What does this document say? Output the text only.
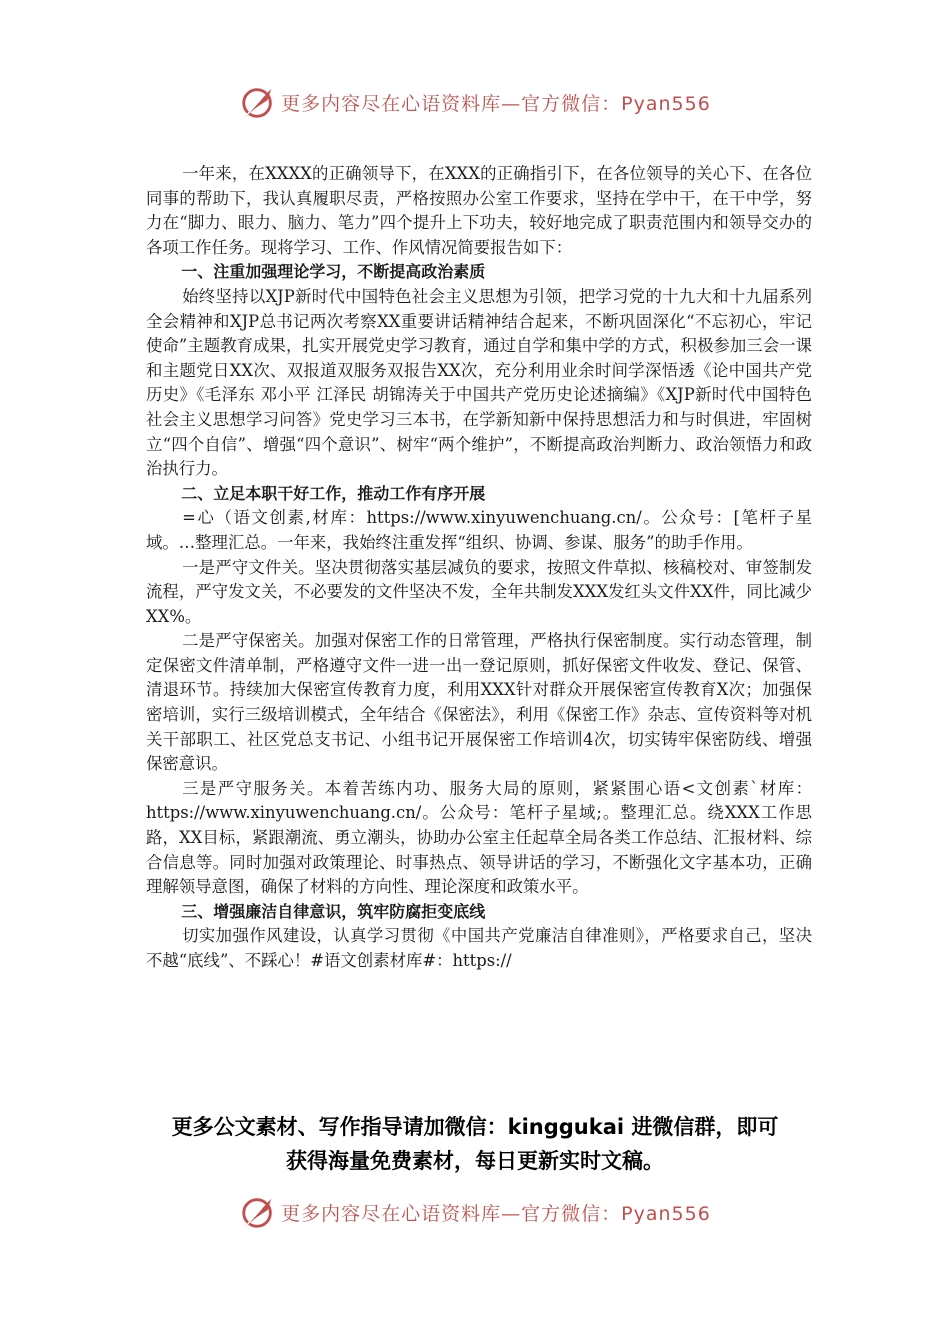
更多内容尽在心语资料库—官方微信：Pyan556

一年来，在XXXX的正确领导下，在XXX的正确指引下，在各位领导的关心下、在各位同事的帮助下，我认真履职尽责，严格按照办公室工作要求，坚持在学中干，在干中学，努力在“脚力、眼力、脑力、笔力”四个提升上下功夫，较好地完成了职责范围内和领导交办的各项工作任务。现将学习、工作、作风情况简要报告如下：

一、注重加强理论学习，不断提高政治素质

始终坚持以XJP新时代中国特色社会主义思想为引领，把学习党的十九大和十九届系列全会精神和XJP总书记两次考察XX重要讲话精神结合起来，不断巩固深化“不忘初心，牢记使命”主题教育成果，扎实开展党史学习教育，通过自学和集中学的方式，积极参加三会一课和主题党日XX次、双报道双服务双报告XX次，充分利用业余时间学深悟透《论中国共产党历史》《毛泽东 邓小平 江泽民 胡锦涛关于中国共产党历史论述摘编》《XJP新时代中国特色社会主义思想学习问答》党史学习三本书，在学新知新中保持思想活力和与时俱进，牢固树立“四个自信”、增强“四个意识”、树牢“两个维护”，不断提高政治判断力、政治领悟力和政治执行力。

二、立足本职干好工作，推动工作有序开展

=心（语文创素,材库：https://www.xinyuwenchuang.cn/。公众号：[笔杆子星域。…整理汇总。一年来，我始终注重发挥“组织、协调、参谋、服务”的助手作用。

一是严守文件关。坚决贯彻落实基层减负的要求，按照文件草拟、核稿校对、审签制发流程，严守发文关，不必要发的文件坚决不发，全年共制发XXX发红头文件XX件，同比减少XX%。

二是严守保密关。加强对保密工作的日常管理，严格执行保密制度。实行动态管理，制定保密文件清单制，严格遵守文件一进一出一登记原则，抓好保密文件收发、登记、保管、清退环节。持续加大保密宣传教育力度，利用XXX针对群众开展保密宣传教育X次；加强保密培训，实行三级培训模式，全年结合《保密法》，利用《保密工作》杂志、宣传资料等对机关干部职工、社区党总支书记、小组书记开展保密工作培训4次，切实铸牢保密防线、增强保密意识。

三是严守服务关。本着苦练内功、服务大局的原则，紧紧围心语<文创素`材库：https://www.xinyuwenchuang.cn/。公众号：笔杆子星域;。整理汇总。绕XXX工作思路，XX目标，紧跟潮流、勇立潮头，协助办公室主任起草全局各类工作总结、汇报材料、综合信息等。同时加强对政策理论、时事热点、领导讲话的学习，不断强化文字基本功，正确理解领导意图，确保了材料的方向性、理论深度和政策水平。

三、增强廉洁自律意识，筑牢防腐拒变底线

切实加强作风建设，认真学习贯彻《中国共产党廉洁自律准则》，严格要求自己，坚决不越“底线”、不踩心！#语文创素材库#：https://

更多公文素材、写作指导请加微信：kinggukai 进微信群，即可
获得海量免费素材，每日更新实时文稿。
更多内容尽在心语资料库—官方微信：Pyan556
